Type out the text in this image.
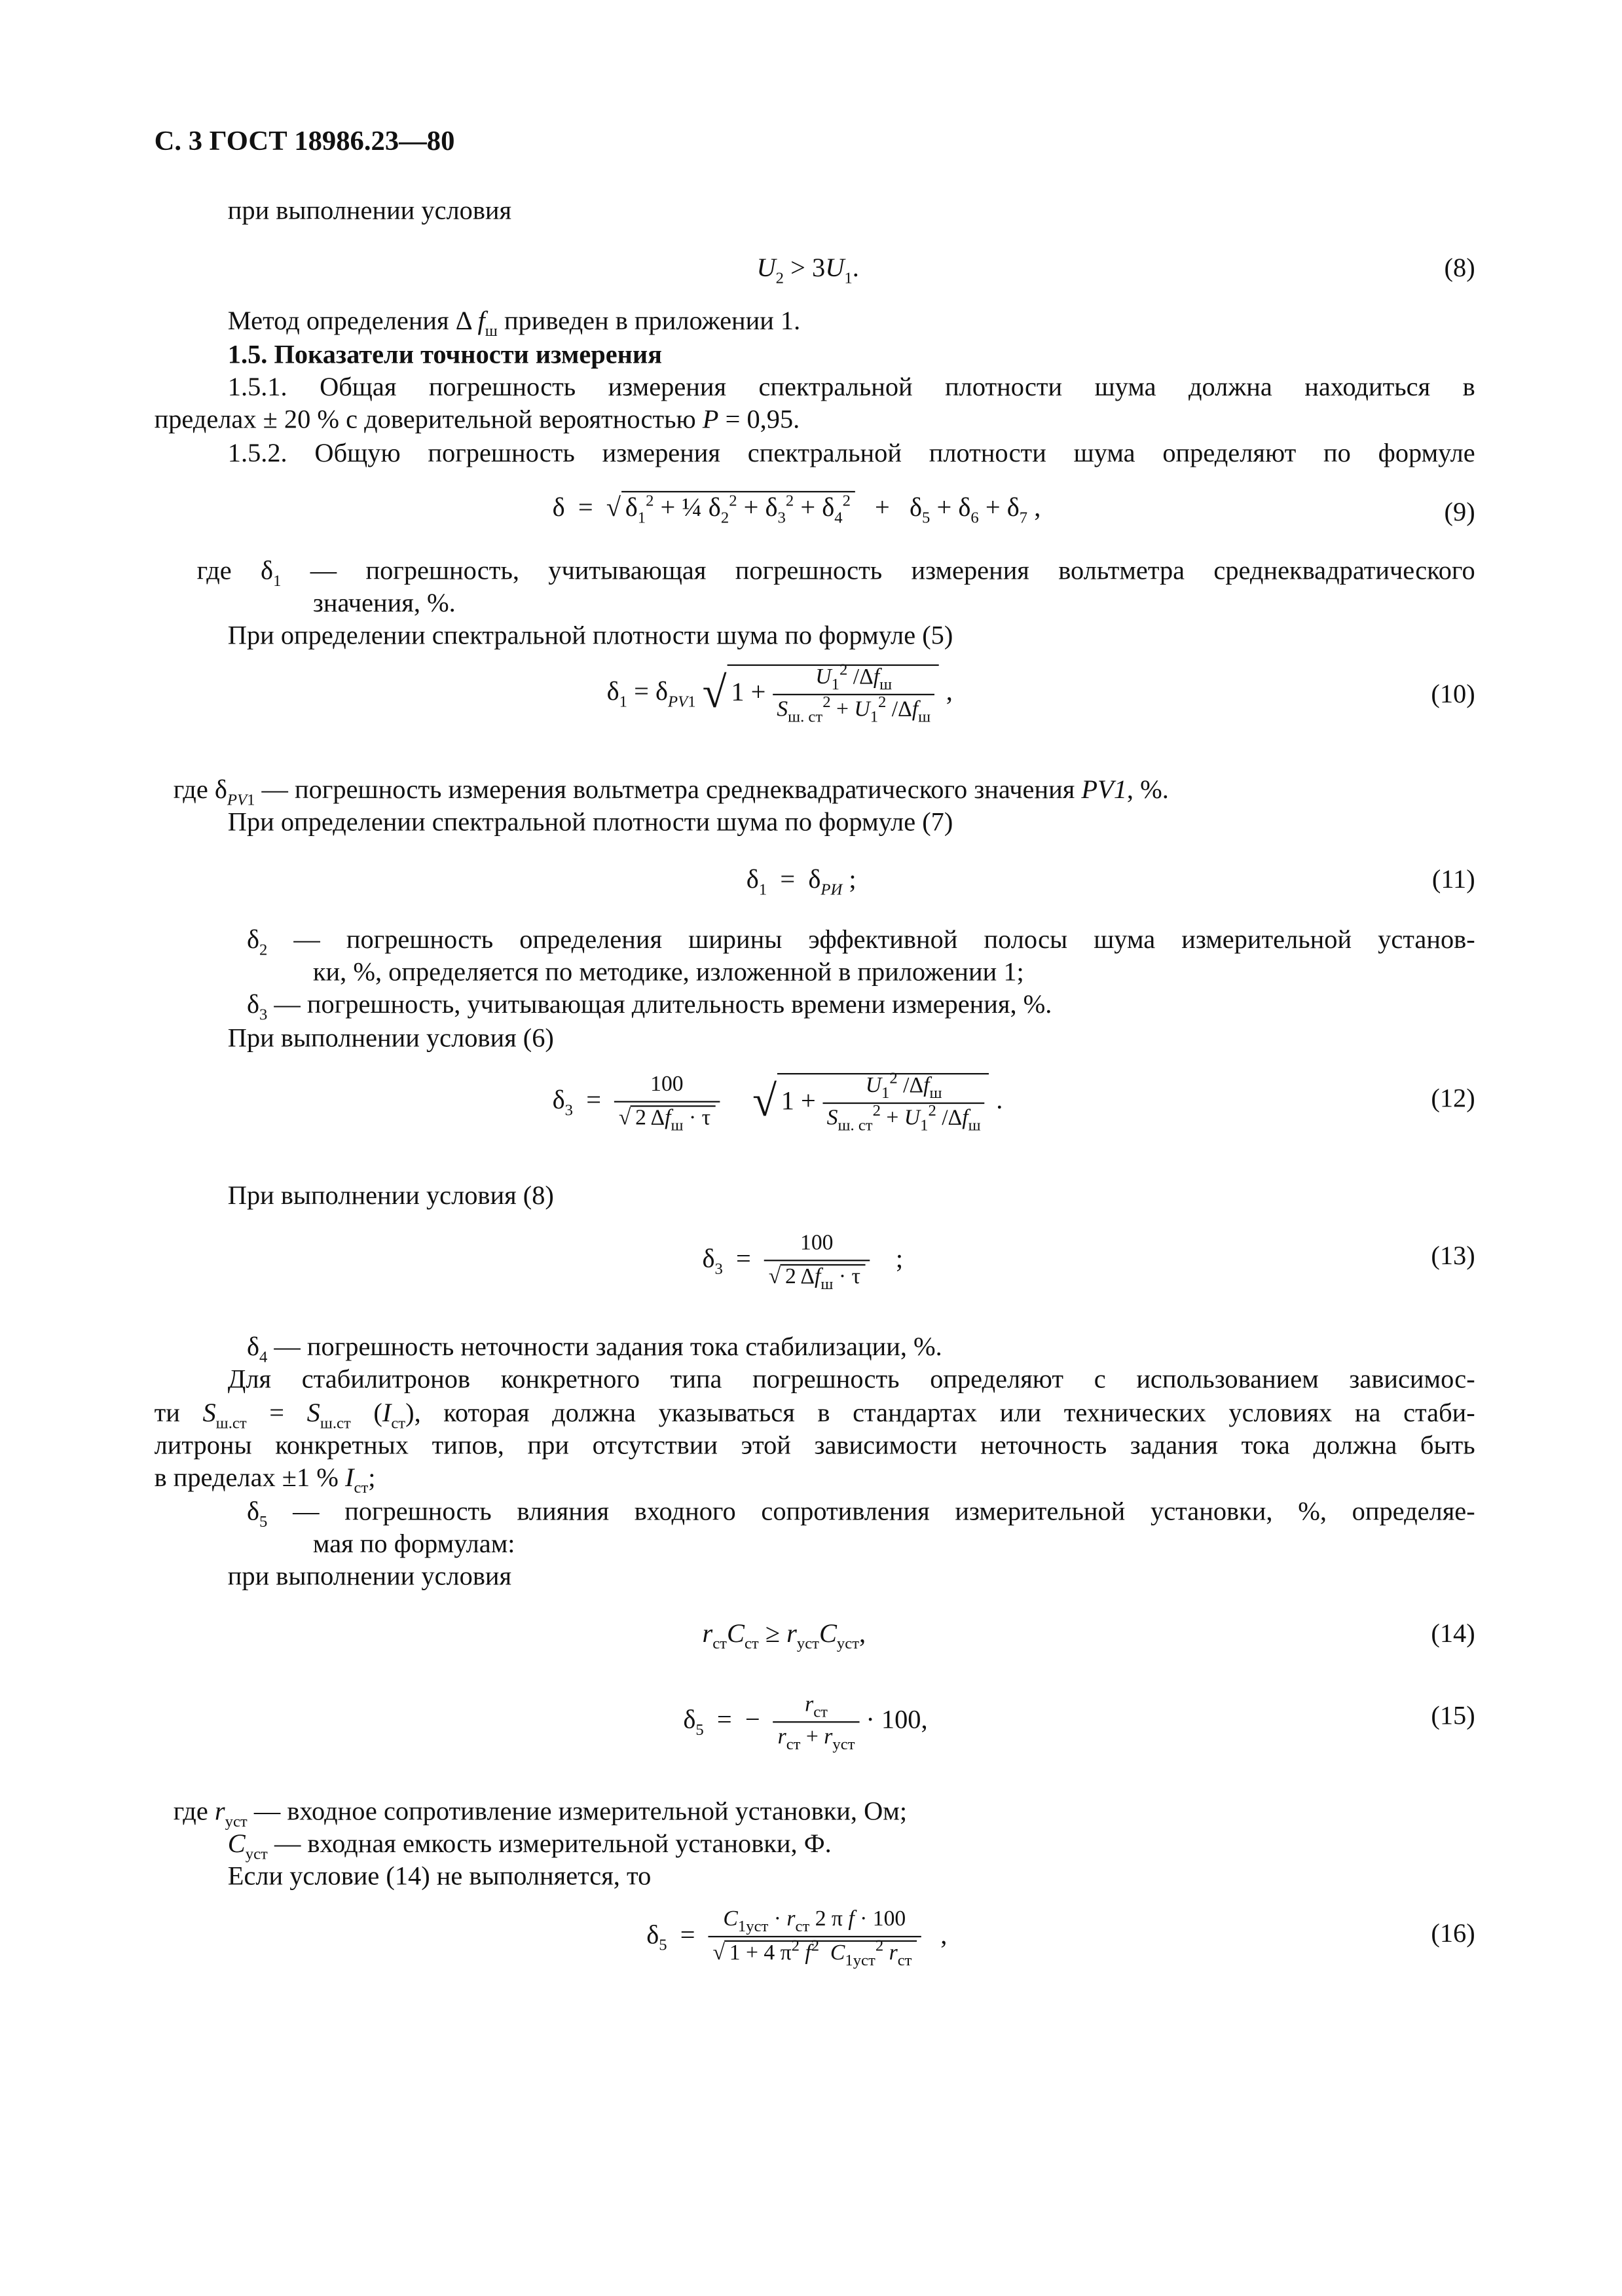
С. 3 ГОСТ 18986.23—80
при выполнении условия
$U_2 > 3U_1$.	(8)
Метод определения Δ $f_ш$ приведен в приложении 1.
1.5. Показатели точности измерения
1.5.1. Общая погрешность измерения спектральной плотности шума должна находиться в
пределах ± 20 % с доверительной вероятностью P = 0,95.
1.5.2. Общую погрешность измерения спектральной плотности шума определяют по формуле
δ  =  √ $\delta_1^2$ + ¼ $\delta_2^2 + \delta_3^2 + \delta_4^2 + \delta_5 + \delta_6 + \delta_7$ ,	(9)
где $\delta_1$ — погрешность, учитывающая погрешность измерения вольтметра среднеквадратического
значения, %.
При определении спектральной плотности шума по формуле (5)
$\delta_1 = \delta_{PV1}$ √ 1 +	$U_1^2$ $/\Delta f_ш$
$S_{ш. ст}^2 + U_1^2$ $/\Delta f_ш$
,	(10)
где $\delta_{PV1}$ — погрешность измерения вольтметра среднеквадратического значения PV1, %.
При определении спектральной плотности шума по формуле (7)
$\delta_1 = \delta_{PИ}$ ;	(11)
$\delta_2$ — погрешность определения ширины эффективной полосы шума измерительной установ-
ки, %, определяется по методике, изложенной в приложении 1;
$\delta_3$ — погрешность, учитывающая длительность времени измерения, %.
При выполнении условия (6)
$\delta_3$  =
100
√ 2 $\Delta f_ш \cdot \tau$	√ 1 +	$U_1^2$ $/\Delta f_ш$
$S_{ш. ст}^2 + U_1^2$ $/\Delta f_ш$
.	(12)
При выполнении условия (8)
$\delta_3$  =
100
√ 2 $\Delta f_ш \cdot \tau$
;	(13)
$\delta_4$ — погрешность неточности задания тока стабилизации, %.
Для стабилитронов конкретного типа погрешность определяют с использованием зависимос-
ти $S_{ш.ст} = S_{ш.ст}$ $(I_{ст})$, которая должна указываться в стандартах или технических условиях на стаби-
литроны конкретных типов, при отсутствии этой зависимости неточность задания тока должна быть
в пределах ±1 % $I_{ст}$;
$\delta_5$ — погрешность влияния входного сопротивления измерительной установки, %, определяе-
мая по формулам:
при выполнении условия
$r_{ст}C_{ст} \ge r_{уст}C_{уст}$,	(14)
$\delta_5$  =  −	$r_{ст}$
$r_{ст} + r_{уст}$
· 100,	(15)
где $r_{уст}$ — входное сопротивление измерительной установки, Ом;
$C_{уст}$ — входная емкость измерительной установки, Ф.
Если условие (14) не выполняется, то
$\delta_5$  =
$C_{1уст} \cdot r_{ст}$ 2 π f · 100
√ 1 + 4 $\pi^2$ $f^2$ $C_{1уст}^2$ $r_{ст}$
,	(16)
